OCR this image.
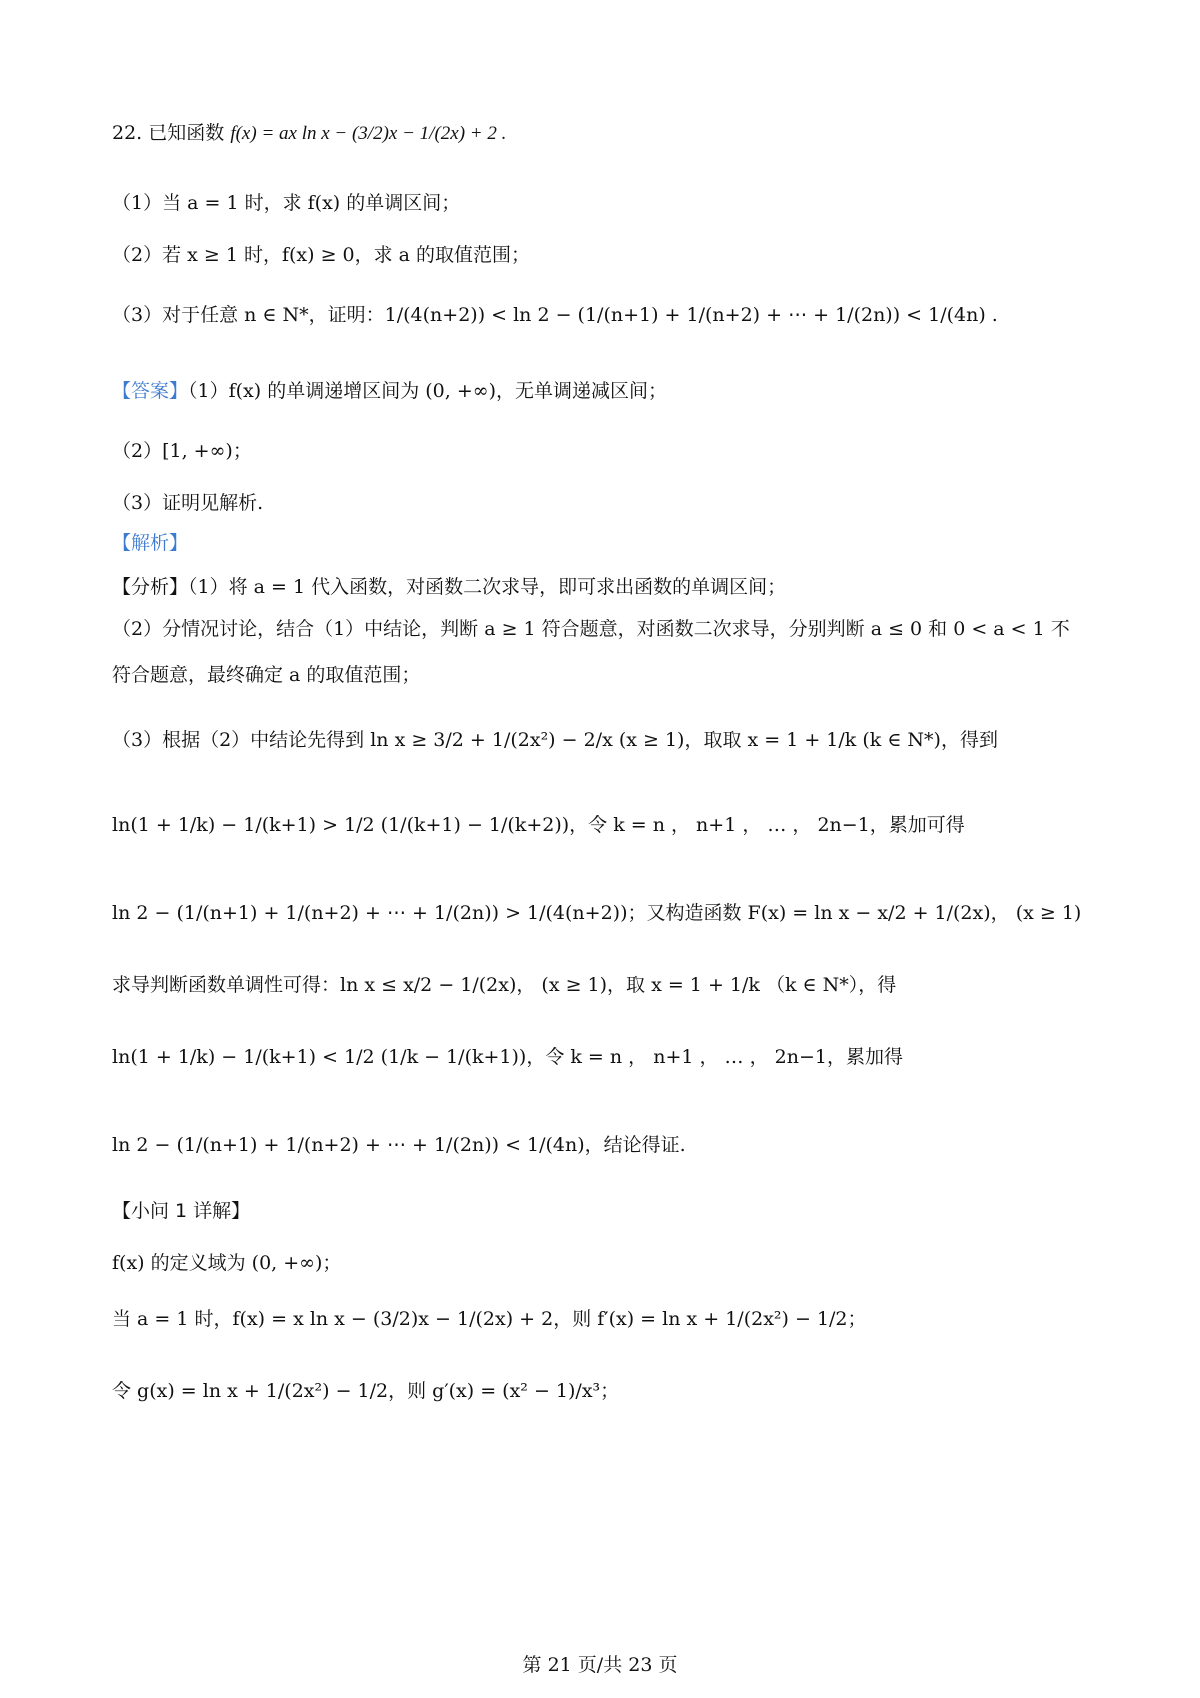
22. 已知函数 f(x) = ax ln x − (3/2)x − 1/(2x) + 2 .
（1）当 a = 1 时，求 f(x) 的单调区间；
（2）若 x ≥ 1 时，f(x) ≥ 0，求 a 的取值范围；
（3）对于任意 n ∈ N*，证明：1/(4(n+2)) < ln 2 − (1/(n+1) + 1/(n+2) + ⋯ + 1/(2n)) < 1/(4n) .
【答案】（1）f(x) 的单调递增区间为 (0, +∞)，无单调递减区间；
（2）[1, +∞)；
（3）证明见解析.
【解析】
【分析】（1）将 a = 1 代入函数，对函数二次求导，即可求出函数的单调区间；
（2）分情况讨论，结合（1）中结论，判断 a ≥ 1 符合题意，对函数二次求导，分别判断 a ≤ 0 和 0 < a < 1 不
符合题意，最终确定 a 的取值范围；
（3）根据（2）中结论先得到 ln x ≥ 3/2 + 1/(2x²) − 2/x (x ≥ 1)，取取 x = 1 + 1/k (k ∈ N*)，得到
ln(1 + 1/k) − 1/(k+1) > 1/2 (1/(k+1) − 1/(k+2))，令 k = n ， n+1 ， … ， 2n−1，累加可得
ln 2 − (1/(n+1) + 1/(n+2) + ⋯ + 1/(2n)) > 1/(4(n+2))；又构造函数 F(x) = ln x − x/2 + 1/(2x)， (x ≥ 1)
求导判断函数单调性可得：ln x ≤ x/2 − 1/(2x)， (x ≥ 1)，取 x = 1 + 1/k （k ∈ N*），得
ln(1 + 1/k) − 1/(k+1) < 1/2 (1/k − 1/(k+1))，令 k = n ， n+1 ， … ， 2n−1，累加得
ln 2 − (1/(n+1) + 1/(n+2) + ⋯ + 1/(2n)) < 1/(4n)，结论得证.
【小问 1 详解】
f(x) 的定义域为 (0, +∞)；
当 a = 1 时，f(x) = x ln x − (3/2)x − 1/(2x) + 2，则 f′(x) = ln x + 1/(2x²) − 1/2；
令 g(x) = ln x + 1/(2x²) − 1/2，则 g′(x) = (x² − 1)/x³；
第 21 页/共 23 页
